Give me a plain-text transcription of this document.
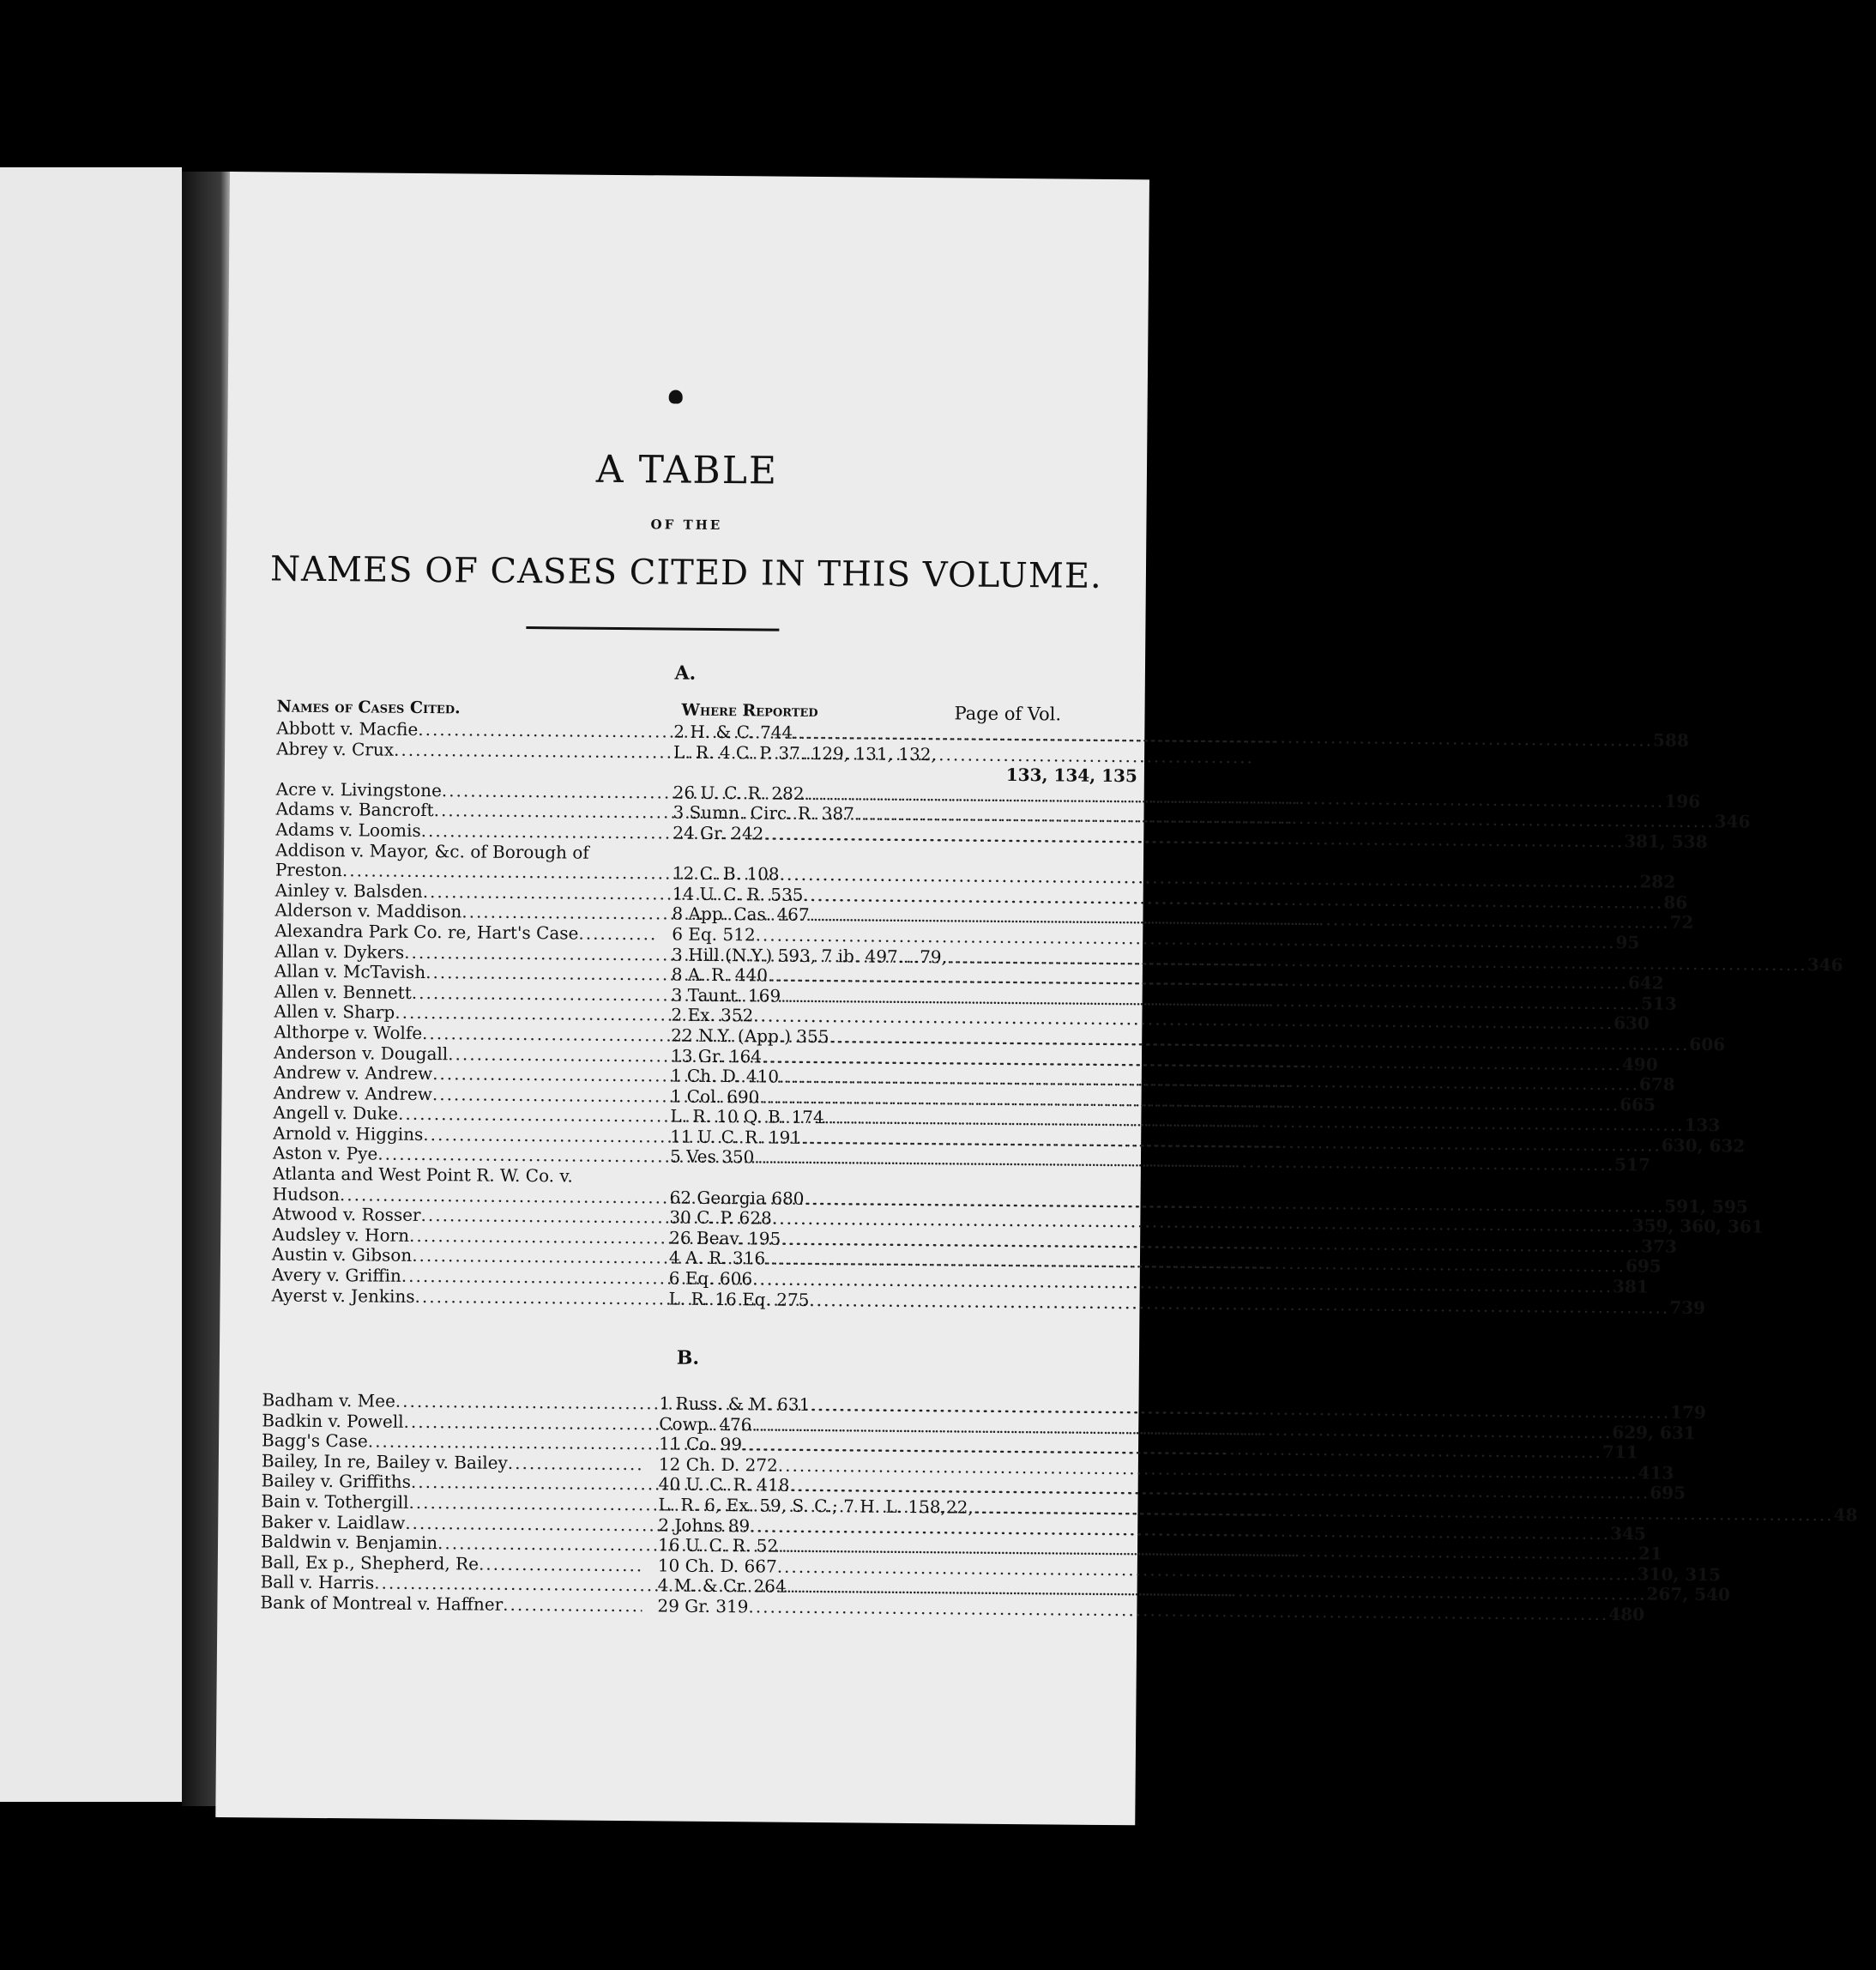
A TABLE
OF THE
NAMES OF CASES CITED IN THIS VOLUME.
A.
Names of Cases Cited.	Where Reported	Page of Vol.
Abbott v. Macfie .....	2 H. & C. 744 .....	588
Abrey v. Crux .....	L. R. 4 C. P. 37..129, 131, 132,
133, 134, 135
Acre v. Livingstone .....	26 U. C. R. 282 .....	196
Adams v. Bancroft .....	3 Sumn. Circ. R. 387 .....	346
Adams v. Loomis .....	24 Gr. 242 .....	381, 538
Addison v. Mayor, &c. of Borough of
Preston .....	12 C. B. 108 .....	282
Ainley v. Balsden .....	14 U. C. R. 535 .....	86
Alderson v. Maddison .....	8 App. Cas. 467 .....	72
Alexandra Park Co. re, Hart's Case .....	6 Eq. 512 .....	95
Allan v. Dykers .....	3 Hill (N.Y.) 593, 7 ib. 497....79, .....	346
Allan v. McTavish .....	8 A. R. 440 .....	642
Allen v. Bennett .....	3 Taunt. 169 .....	513
Allen v. Sharp .....	2 Ex. 352 .....	630
Althorpe v. Wolfe .....	22 N.Y. (App.) 355 .....	606
Anderson v. Dougall .....	13 Gr. 164 .....	490
Andrew v. Andrew .....	1 Ch. D. 410 .....	678
Andrew v. Andrew .....	1 Col. 690 .....	665
Angell v. Duke .....	L. R. 10 Q. B. 174 .....	133
Arnold v. Higgins .....	11 U. C. R. 191 .....	630, 632
Aston v. Pye .....	5 Ves 350 .....	517
Atlanta and West Point R. W. Co. v.
Hudson .....	62 Georgia 680 .....	591, 595
Atwood v. Rosser .....	30 C. P. 628 .....	359, 360, 361
Audsley v. Horn .....	26 Beav. 195 .....	373
Austin v. Gibson .....	4 A. R. 316 .....	695
Avery v. Griffin .....	6 Eq. 606 .....	381
Ayerst v. Jenkins .....	L. R. 16 Eq. 275 .....	739
B.
Badham v. Mee .....	1 Russ. & M. 631 .....	179
Badkin v. Powell .....	Cowp. 476 .....	629, 631
Bagg's Case .....	11 Co. 99 .....	711
Bailey, In re, Bailey v. Bailey .....	12 Ch. D. 272 .....	413
Bailey v. Griffiths .....	40 U. C. R. 418 .....	695
Bain v. Tothergill .....	L. R. 6, Ex. 59, S. C.; 7 H. L. 158,22, .....	48
Baker v. Laidlaw .....	2 Johns 89 .....	345
Baldwin v. Benjamin .....	16 U. C. R. 52 .....	21
Ball, Ex p., Shepherd, Re .....	10 Ch. D. 667 .....	310, 315
Ball v. Harris .....	4 M. & Cr. 264 .....	267, 540
Bank of Montreal v. Haffner .....	29 Gr. 319 .....	480
